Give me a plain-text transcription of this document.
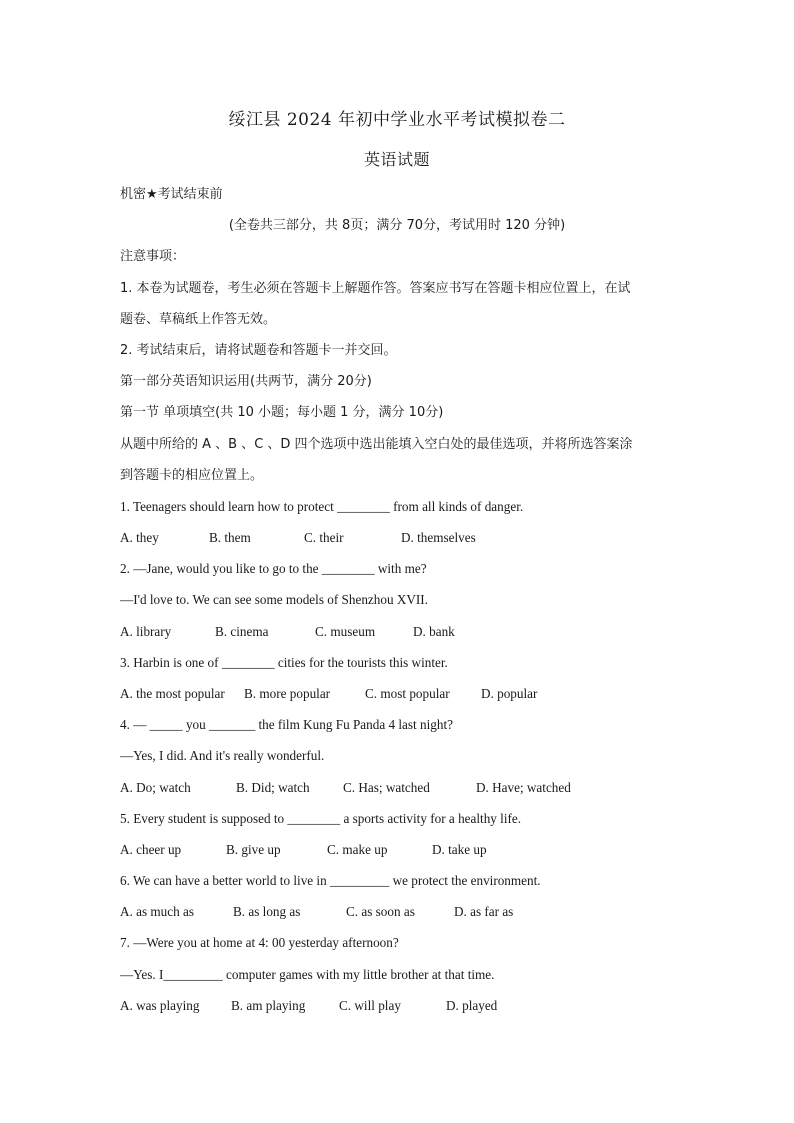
绥江县 2024 年初中学业水平考试模拟卷二
英语试题
机密★考试结束前
(全卷共三部分，共 8页；满分 70分，考试用时 120 分钟)
注意事项：
1. 本卷为试题卷，考生必须在答题卡上解题作答。答案应书写在答题卡相应位置上，在试
题卷、草稿纸上作答无效。
2. 考试结束后，请将试题卷和答题卡一并交回。
第一部分英语知识运用(共两节，满分 20分)
第一节 单项填空(共 10 小题；每小题 1 分，满分 10分)
从题中所给的 A 、B 、C 、D 四个选项中选出能填入空白处的最佳选项，并将所选答案涂
到答题卡的相应位置上。
1. Teenagers should learn how to protect ________ from all kinds of danger.
A. they	B. them	C. their	D. themselves
2. —Jane, would you like to go to the ________ with me?
—I'd love to. We can see some models of Shenzhou XVII.
A. library	B. cinema	C. museum	D. bank
3. Harbin is one of ________ cities for the tourists this winter.
A. the most popular B. more popular	C. most popular D. popular
4. — _____ you _______ the film Kung Fu Panda 4 last night?
—Yes, I did. And it's really wonderful.
A. Do; watch	B. Did; watch	C. Has; watched	D. Have; watched
5. Every student is supposed to ________ a sports activity for a healthy life.
A. cheer up	B. give up	C. make up	D. take up
6. We can have a better world to live in _________ we protect the environment.
A. as much as	B. as long as	C. as soon as	D. as far as
7. —Were you at home at 4: 00 yesterday afternoon?
—Yes. I_________ computer games with my little brother at that time.
A. was playing B. am playing	C. will play	D. played
